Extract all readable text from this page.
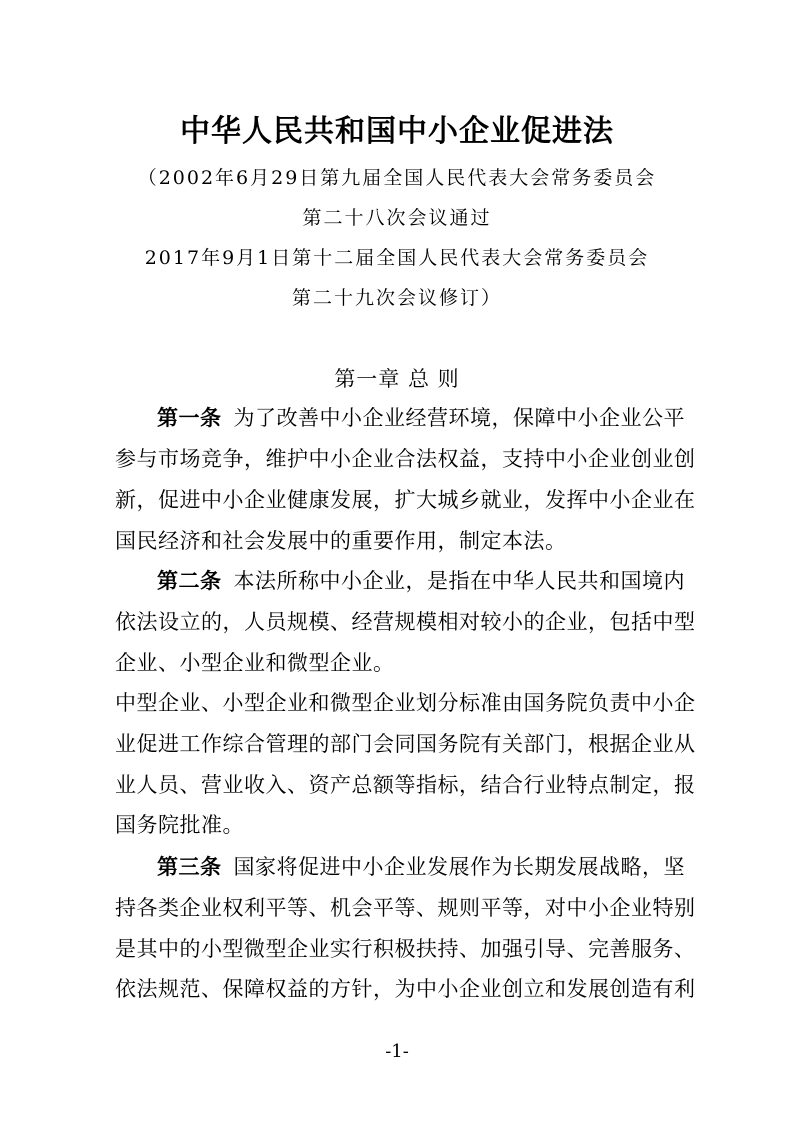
中华人民共和国中小企业促进法
（2002年6月29日第九届全国人民代表大会常务委员会
第二十八次会议通过
2017年9月1日第十二届全国人民代表大会常务委员会
第二十九次会议修订）
第一章 总 则
第一条 为了改善中小企业经营环境，保障中小企业公平
参与市场竞争，维护中小企业合法权益，支持中小企业创业创
新，促进中小企业健康发展，扩大城乡就业，发挥中小企业在
国民经济和社会发展中的重要作用，制定本法。
第二条 本法所称中小企业，是指在中华人民共和国境内
依法设立的，人员规模、经营规模相对较小的企业，包括中型
企业、小型企业和微型企业。
中型企业、小型企业和微型企业划分标准由国务院负责中小企
业促进工作综合管理的部门会同国务院有关部门，根据企业从
业人员、营业收入、资产总额等指标，结合行业特点制定，报
国务院批准。
第三条 国家将促进中小企业发展作为长期发展战略，坚
持各类企业权利平等、机会平等、规则平等，对中小企业特别
是其中的小型微型企业实行积极扶持、加强引导、完善服务、
依法规范、保障权益的方针，为中小企业创立和发展创造有利
-1-
